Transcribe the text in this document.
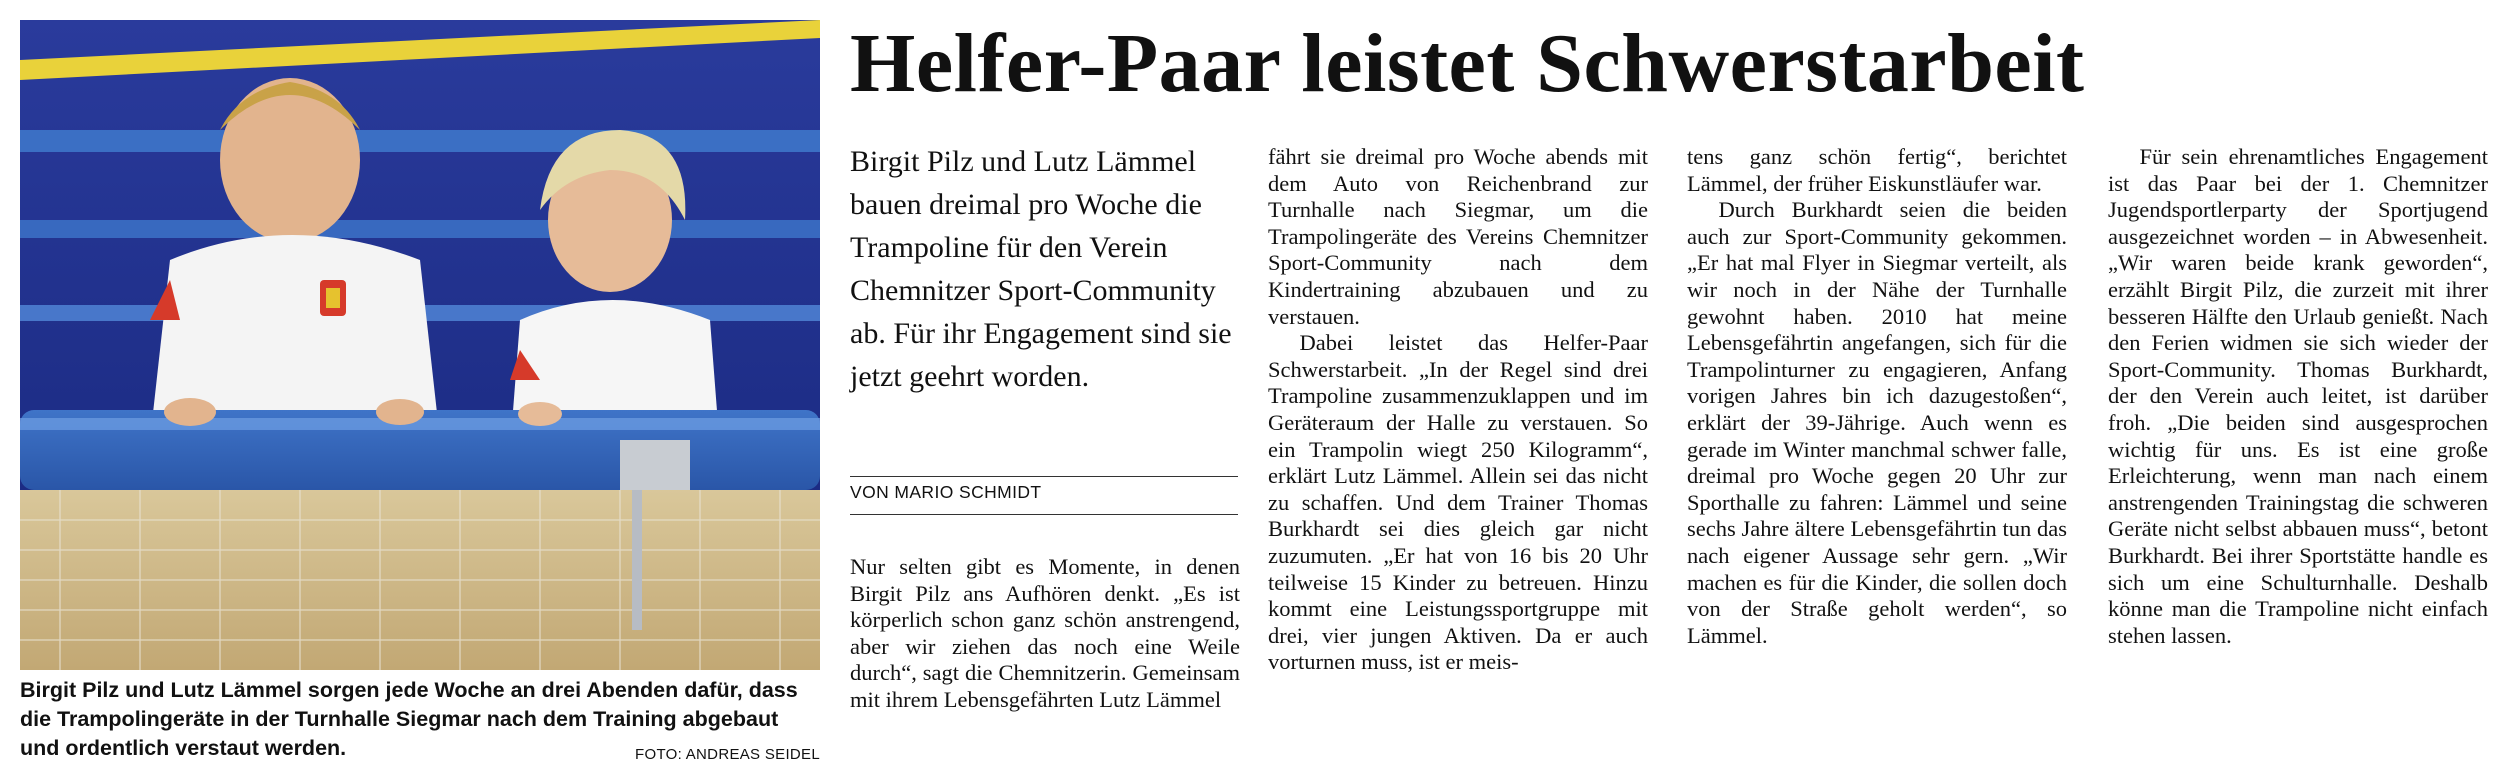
Birgit Pilz und Lutz Lämmel sorgen jede Woche an drei Abenden dafür, dass die Trampolingeräte in der Turnhalle Siegmar nach dem Training abgebaut und ordentlich verstaut werden.	FOTO: ANDREAS SEIDEL
Helfer-Paar leistet Schwerstarbeit

Birgit Pilz und Lutz Lämmel bauen dreimal pro Woche die Trampoline für den Verein Chemnitzer Sport-Community ab. Für ihr Engagement sind sie jetzt geehrt worden.

VON MARIO SCHMIDT

Nur selten gibt es Momente, in denen Birgit Pilz ans Aufhören denkt. „Es ist körperlich schon ganz schön anstrengend, aber wir ziehen das noch eine Weile durch“, sagt die Chemnitzerin. Gemeinsam mit ihrem Lebensgefährten Lutz Lämmel

fährt sie dreimal pro Woche abends mit dem Auto von Reichenbrand zur Turnhalle nach Siegmar, um die Trampolingeräte des Vereins Chemnitzer Sport-Community nach dem Kindertraining abzubauen und zu verstauen.

Dabei leistet das Helfer-Paar Schwerstarbeit. „In der Regel sind drei Trampoline zusammenzuklappen und im Geräteraum der Halle zu verstauen. So ein Trampolin wiegt 250 Kilogramm“, erklärt Lutz Lämmel. Allein sei das nicht zu schaffen. Und dem Trainer Thomas Burkhardt sei dies gleich gar nicht zuzumuten. „Er hat von 16 bis 20 Uhr teilweise 15 Kinder zu betreuen. Hinzu kommt eine Leistungssportgruppe mit drei, vier jungen Aktiven. Da er auch vorturnen muss, ist er meis-

tens ganz schön fertig“, berichtet Lämmel, der früher Eiskunstläufer war.

Durch Burkhardt seien die beiden auch zur Sport-Community gekommen. „Er hat mal Flyer in Siegmar verteilt, als wir noch in der Nähe der Turnhalle gewohnt haben. 2010 hat meine Lebensgefährtin angefangen, sich für die Trampolinturner zu engagieren, Anfang vorigen Jahres bin ich dazugestoßen“, erklärt der 39-Jährige. Auch wenn es gerade im Winter manchmal schwer falle, dreimal pro Woche gegen 20 Uhr zur Sporthalle zu fahren: Lämmel und seine sechs Jahre ältere Lebensgefährtin tun das nach eigener Aussage sehr gern. „Wir machen es für die Kinder, die sollen doch von der Straße geholt werden“, so Lämmel.

Für sein ehrenamtliches Engagement ist das Paar bei der 1. Chemnitzer Jugendsportlerparty der Sportjugend ausgezeichnet worden – in Abwesenheit. „Wir waren beide krank geworden“, erzählt Birgit Pilz, die zurzeit mit ihrer besseren Hälfte den Urlaub genießt. Nach den Ferien widmen sie sich wieder der Sport-Community. Thomas Burkhardt, der den Verein auch leitet, ist darüber froh. „Die beiden sind ausgesprochen wichtig für uns. Es ist eine große Erleichterung, wenn man nach einem anstrengenden Trainingstag die schweren Geräte nicht selbst abbauen muss“, betont Burkhardt. Bei ihrer Sportstätte handle es sich um eine Schulturnhalle. Deshalb könne man die Trampoline nicht einfach stehen lassen.
